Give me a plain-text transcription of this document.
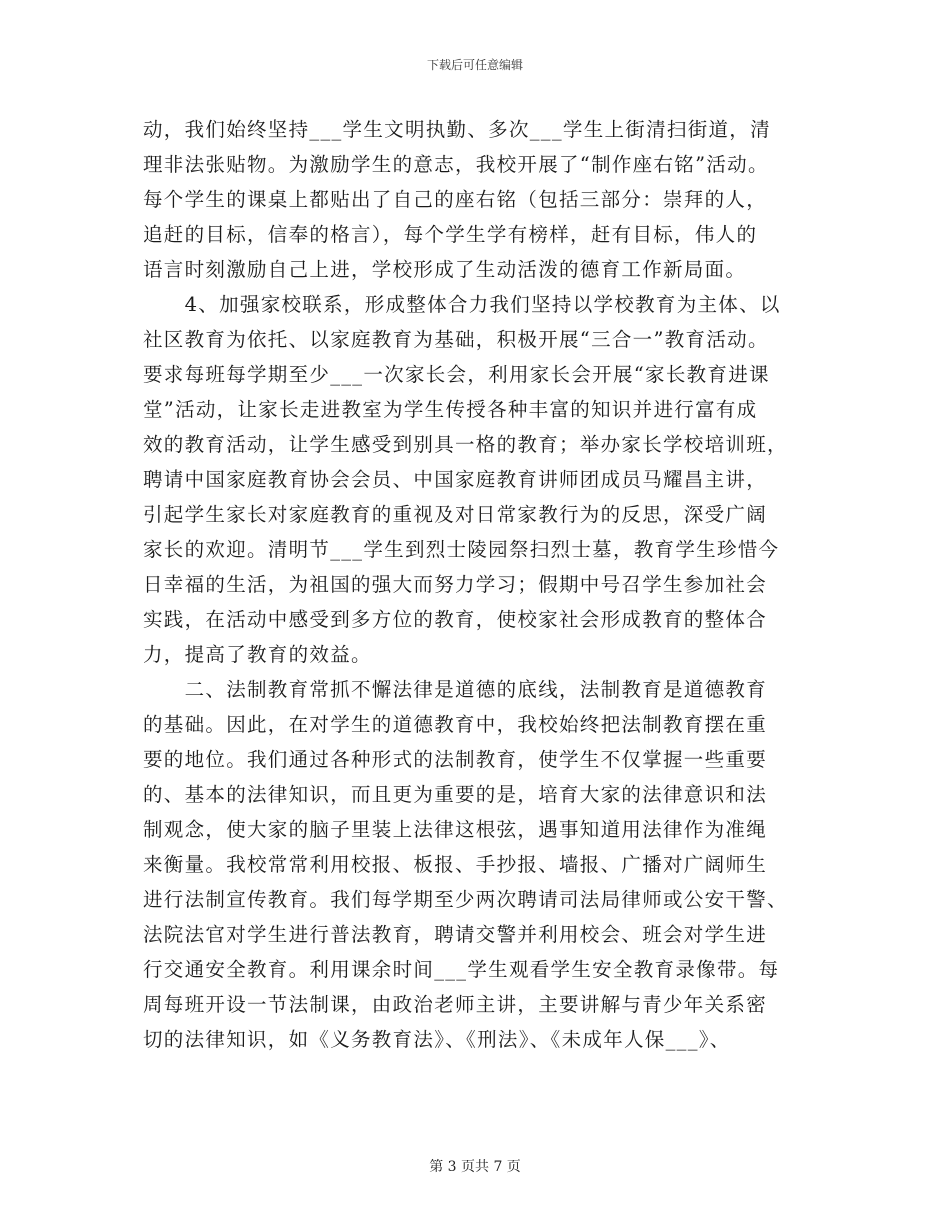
下载后可任意编辑
动，我们始终坚持___学生文明执勤、多次___学生上街清扫街道，清
理非法张贴物。为激励学生的意志，我校开展了“制作座右铭”活动。
每个学生的课桌上都贴出了自己的座右铭（包括三部分：崇拜的人，
追赶的目标，信奉的格言），每个学生学有榜样，赶有目标，伟人的
语言时刻激励自己上进，学校形成了生动活泼的德育工作新局面。
　　4、加强家校联系，形成整体合力我们坚持以学校教育为主体、以
社区教育为依托、以家庭教育为基础，积极开展“三合一”教育活动。
要求每班每学期至少___一次家长会，利用家长会开展“家长教育进课
堂”活动，让家长走进教室为学生传授各种丰富的知识并进行富有成
效的教育活动，让学生感受到别具一格的教育；举办家长学校培训班，
聘请中国家庭教育协会会员、中国家庭教育讲师团成员马耀昌主讲，
引起学生家长对家庭教育的重视及对日常家教行为的反思，深受广阔
家长的欢迎。清明节___学生到烈士陵园祭扫烈士墓，教育学生珍惜今
日幸福的生活，为祖国的强大而努力学习；假期中号召学生参加社会
实践，在活动中感受到多方位的教育，使校家社会形成教育的整体合
力，提高了教育的效益。
　　二、法制教育常抓不懈法律是道德的底线，法制教育是道德教育
的基础。因此，在对学生的道德教育中，我校始终把法制教育摆在重
要的地位。我们通过各种形式的法制教育，使学生不仅掌握一些重要
的、基本的法律知识，而且更为重要的是，培育大家的法律意识和法
制观念，使大家的脑子里装上法律这根弦，遇事知道用法律作为准绳
来衡量。我校常常利用校报、板报、手抄报、墙报、广播对广阔师生
进行法制宣传教育。我们每学期至少两次聘请司法局律师或公安干警、
法院法官对学生进行普法教育，聘请交警并利用校会、班会对学生进
行交通安全教育。利用课余时间___学生观看学生安全教育录像带。每
周每班开设一节法制课，由政治老师主讲，主要讲解与青少年关系密
切的法律知识，如《义务教育法》、《刑法》、《未成年人保___》、
第 3 页共 7 页
